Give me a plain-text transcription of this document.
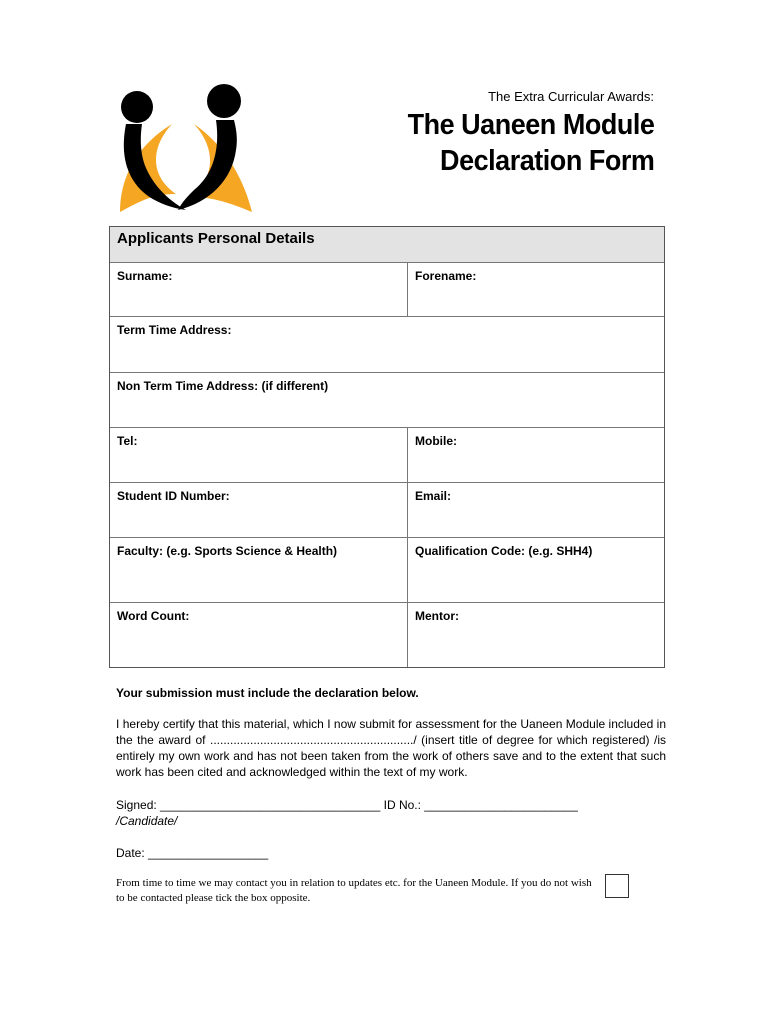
The Extra Curricular Awards:
The Uaneen Module
Declaration Form
Applicants Personal Details
Surname:	Forename:
Term Time Address:
Non Term Time Address: (if different)
Tel:	Mobile:
Student ID Number:	Email:
Faculty: (e.g. Sports Science & Health)	Qualification Code: (e.g. SHH4)
Word Count:	Mentor:
Your submission must include the declaration below.
I hereby certify that this material, which I now submit for assessment for the Uaneen Module included in the the award of ............................................................./ (insert title of degree for which registered) /is entirely my own work and has not been taken from the work of others save and to the extent that such work has been cited and acknowledged within the text of my work.
Signed: _________________________________ ID No.: _______________________
/Candidate/
Date: __________________
From time to time we may contact you in relation to updates etc. for the Uaneen Module. If you do not wish to be contacted please tick the box opposite.
